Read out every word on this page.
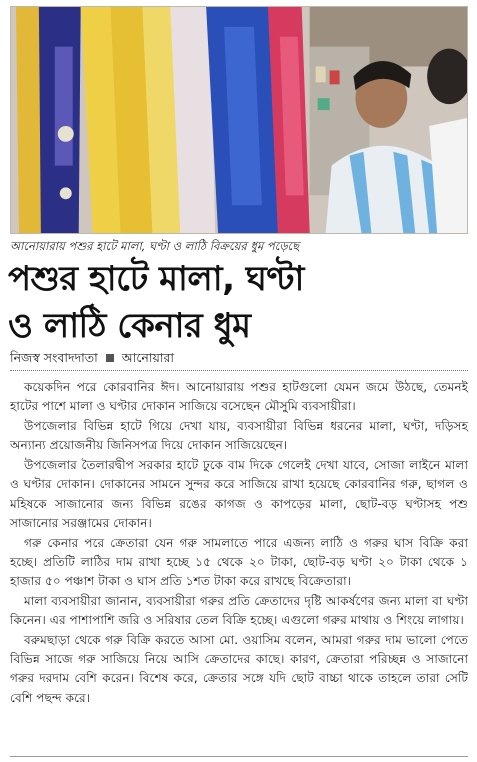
আনোয়ারায় পশুর হাটে মালা, ঘণ্টা ও লাঠি বিক্রয়ের ধুম পড়েছে
পশুর হাটে মালা, ঘণ্টা
ও লাঠি কেনার ধুম
নিজস্ব সংবাদদাতা আনোয়ারা

কয়েকদিন পরে কোরবানির ঈদ। আনোয়ারায় পশুর হাটগুলো যেমন জমে উঠছে, তেমনই হাটের পাশে মালা ও ঘণ্টার দোকান সাজিয়ে বসেছেন মৌসুমি ব্যবসায়ীরা।

উপজেলার বিভিন্ন হাটে গিয়ে দেখা যায়, ব্যবসায়ীরা বিভিন্ন ধরনের মালা, ঘণ্টা, দড়িসহ অন্যান্য প্রয়োজনীয় জিনিসপত্র দিয়ে দোকান সাজিয়েছেন।

উপজেলার তৈলারদ্বীপ সরকার হাটে ঢুকে বাম দিকে গেলেই দেখা যাবে, সোজা লাইনে মালা ও ঘণ্টার দোকান। দোকানের সামনে সুন্দর করে সাজিয়ে রাখা হয়েছে কোরবানির গরু, ছাগল ও মহিষকে সাজানোর জন্য বিভিন্ন রঙের কাগজ ও কাপড়ের মালা, ছোট-বড় ঘণ্টাসহ পশু সাজানোর সরঞ্জামের দোকান।

গরু কেনার পরে ক্রেতারা যেন গরু সামলাতে পারে এজন্য লাঠি ও গরুর ঘাস বিক্রি করা হচ্ছে। প্রতিটি লাঠির দাম রাখা হচ্ছে ১৫ থেকে ২০ টাকা, ছোট-বড় ঘণ্টা ২০ টাকা থেকে ১ হাজার ৫০ পঞ্চাশ টাকা ও ঘাস প্রতি ১শত টাকা করে রাখছে বিক্রেতারা।

মালা ব্যবসায়ীরা জানান, ব্যবসায়ীরা গরুর প্রতি ক্রেতাদের দৃষ্টি আকর্ষণের জন্য মালা বা ঘণ্টা কিনেন। এর পাশাপাশি জরি ও সরিষার তেল বিক্রি হচ্ছে। এগুলো গরুর মাথায় ও শিংয়ে লাগায়।

বরুমছাড়া থেকে গরু বিক্রি করতে আসা মো. ওয়াসিম বলেন, আমরা গরুর দাম ভালো পেতে বিভিন্ন সাজে গরু সাজিয়ে নিয়ে আসি ক্রেতাদের কাছে। কারণ, ক্রেতারা পরিচ্ছন্ন ও সাজানো গরুর দরদাম বেশি করেন। বিশেষ করে, ক্রেতার সঙ্গে যদি ছোট বাচ্চা থাকে তাহলে তারা সেটি বেশি পছন্দ করে।
